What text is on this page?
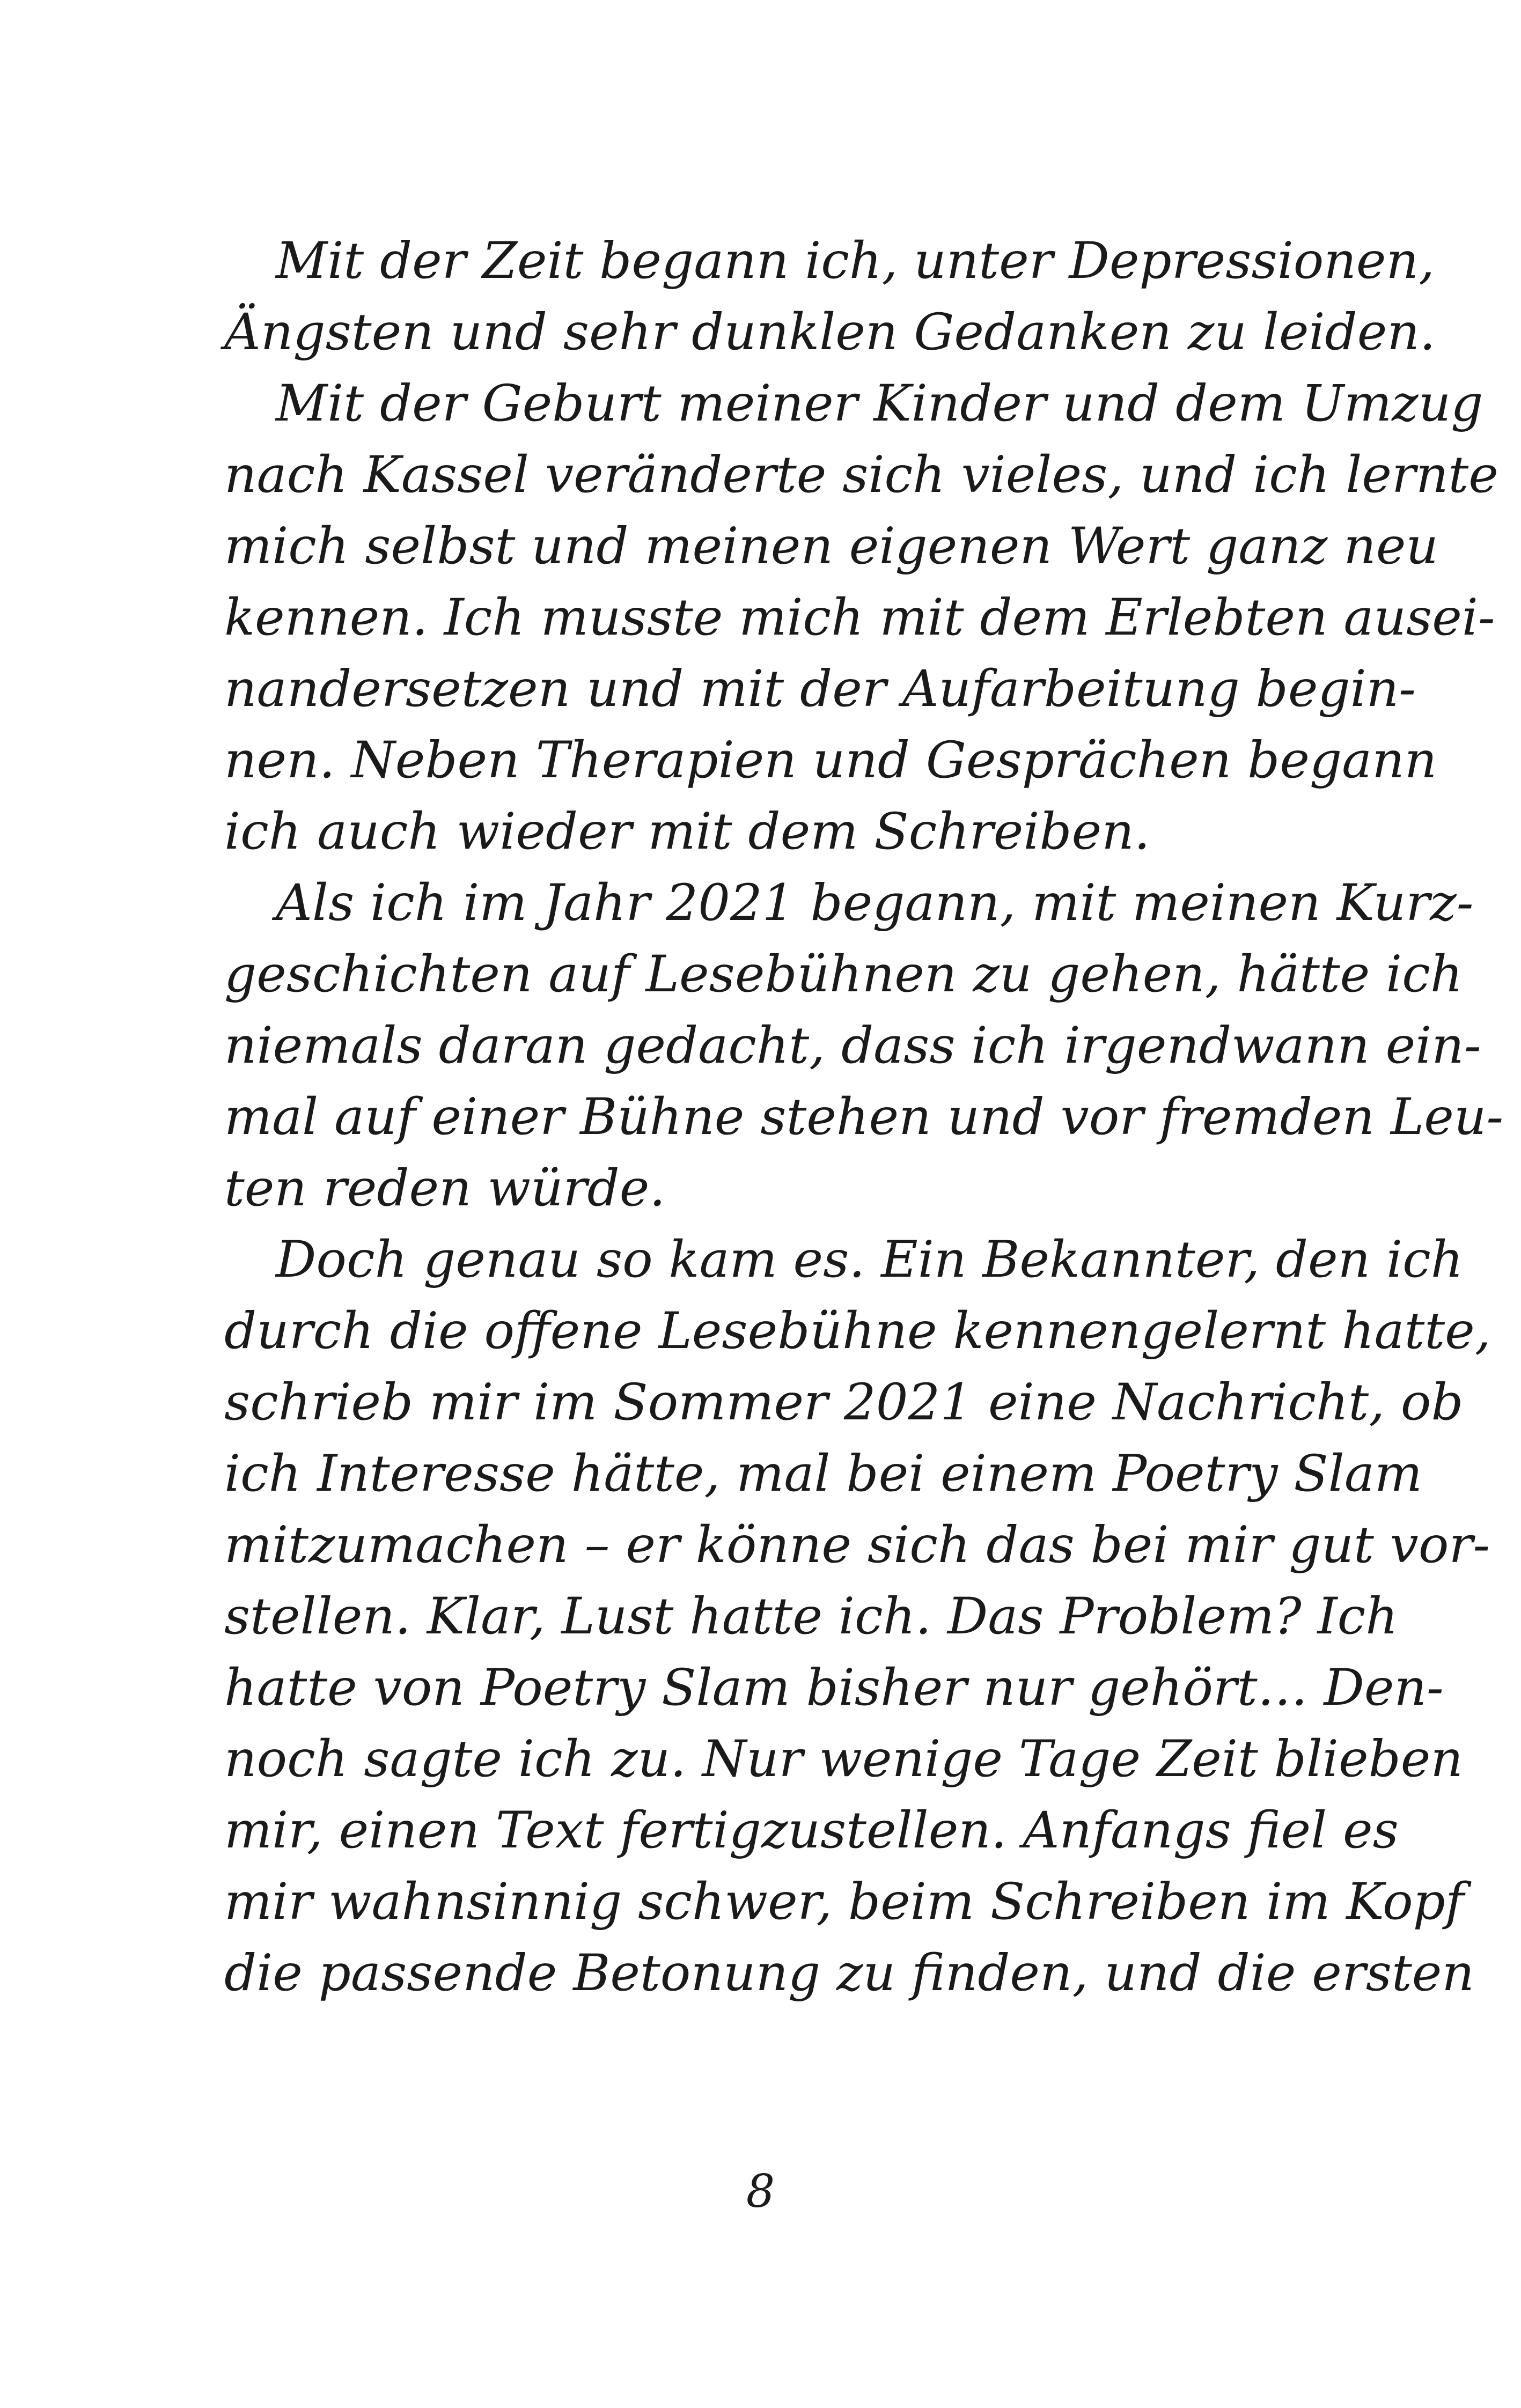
Mit der Zeit begann ich, unter Depressionen,

Ängsten und sehr dunklen Gedanken zu leiden.

Mit der Geburt meiner Kinder und dem Umzug

nach Kassel veränderte sich vieles, und ich lernte

mich selbst und meinen eigenen Wert ganz neu

kennen. Ich musste mich mit dem Erlebten ausei-

nandersetzen und mit der Aufarbeitung begin-

nen. Neben Therapien und Gesprächen begann

ich auch wieder mit dem Schreiben.

Als ich im Jahr 2021 begann, mit meinen Kurz-

geschichten auf Lesebühnen zu gehen, hätte ich

niemals daran gedacht, dass ich irgendwann ein-

mal auf einer Bühne stehen und vor fremden Leu-

ten reden würde.

Doch genau so kam es. Ein Bekannter, den ich

durch die offene Lesebühne kennengelernt hatte,

schrieb mir im Sommer 2021 eine Nachricht, ob

ich Interesse hätte, mal bei einem Poetry Slam

mitzumachen – er könne sich das bei mir gut vor-

stellen. Klar, Lust hatte ich. Das Problem? Ich

hatte von Poetry Slam bisher nur gehört… Den-

noch sagte ich zu. Nur wenige Tage Zeit blieben

mir, einen Text fertigzustellen. Anfangs fiel es

mir wahnsinnig schwer, beim Schreiben im Kopf

die passende Betonung zu finden, und die ersten

8
